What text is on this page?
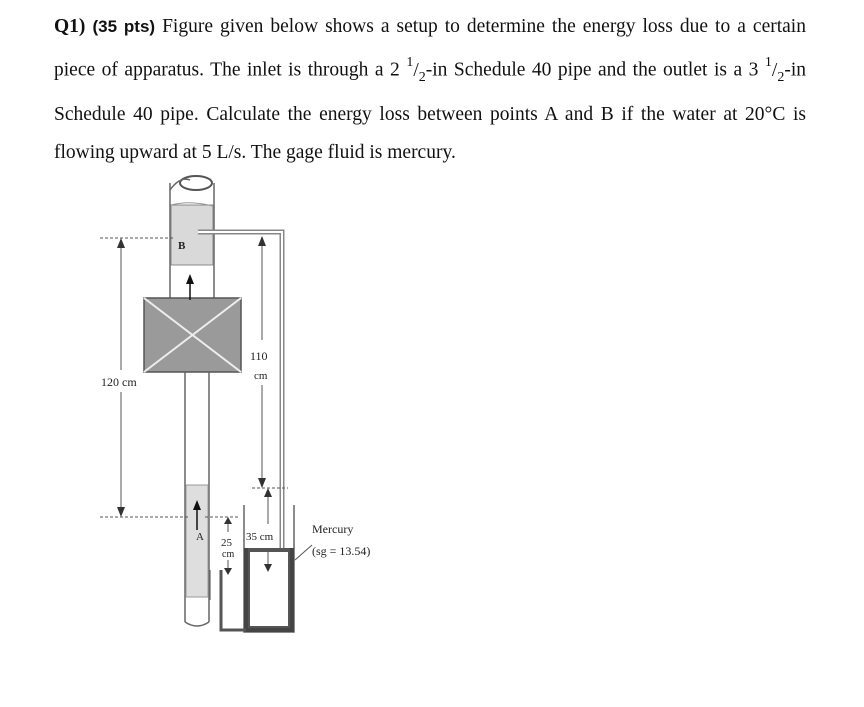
Q1) (35 pts) Figure given below shows a setup to determine the energy loss due to a certain piece of apparatus. The inlet is through a 2 $^1/_2-in$ Schedule 40 pipe and the outlet is a 3 $^1/_2-in$ Schedule 40 pipe. Calculate the energy loss between points A and B if the water at 20°C is flowing upward at 5 L/s. The gage fluid is mercury.
B
A
120 cm
110
cm
25
cm
35 cm
Mercury
(sg = 13.54)
